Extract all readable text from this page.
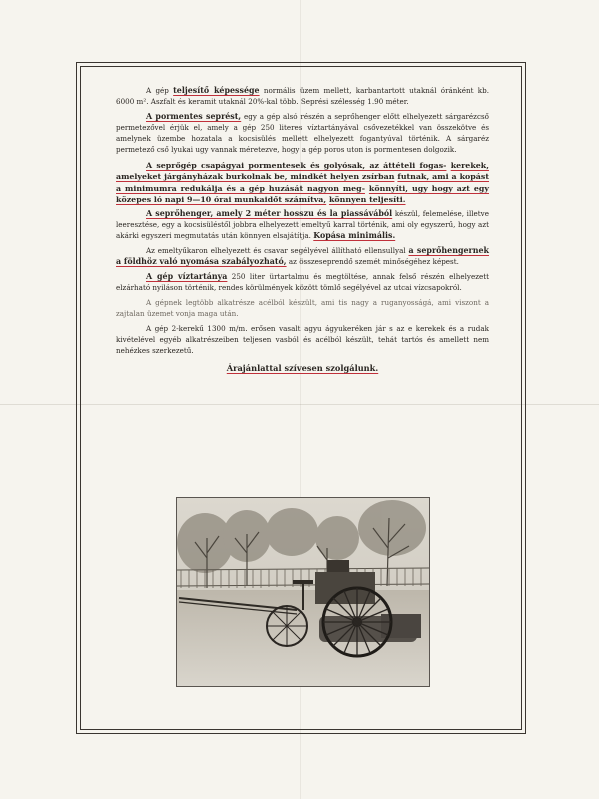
A gép teljesítő képessége normális üzem mellett, karbantartott utaknál óránként kb. 6000 m². Aszfalt és keramit utaknál 20%-kal több. Seprési szélesség 1.90 méter.

A pormentes seprést, egy a gép alsó részén a seprőhenger előtt elhelyezett sárgarézcső permetezővel érjük el, amely a gép 250 literes víztartányával csővezetékkel van összekötve és amelynek üzembe hozatala a kocsisülés mellett elhelyezett fogantyúval történik. A sárgaréz permetező cső lyukai ugy vannak méretezve, hogy a gép poros uton is pormentesen dolgozik.

A seprőgép csapágyai pormentesek és golyósak, az áttételi fogas- kerekek, amelyeket járgányházak burkolnak be, mindkét helyen zsírban futnak, ami a kopást a minimumra redukálja és a gép huzását nagyon meg- könnyíti, ugy hogy azt egy közepes ló napi 9—10 órai munkaidőt számítva, könnyen teljesíti.

A seprőhenger, amely 2 méter hosszu és la piassávából készül, felemelése, illetve leeresztése, egy a kocsisüléstől jobbra elhelyezett emeltyű karral történik, ami oly egyszerű, hogy azt akárki egyszeri megmutatás után könnyen elsajátítja. Kopása minimális.

Az emeltyűkaron elhelyezett és csavar segélyével állítható ellensullyal a seprőhengernek a földhöz való nyomása szabályozható, az összeseprendő szemét minőségéhez képest.

A gép víztartánya 250 liter ürtartalmu és megtöltése, annak felső részén elhelyezett elzárható nyiláson történik, rendes körülmények között tömlő segélyével az utcai vízcsapokról.

A gépnek legtöbb alkatrésze acélból készült, ami tis nagy a ruganyosságá, ami viszont a zajtalan üzemet vonja maga után.

A gép 2-kerekű 1300 m/m. erősen vasalt agyu ágyukeréken jár s az e kerekek és a rudak kivételével egyéb alkatrészeiben teljesen vasból és acélból készült, tehát tartós és amellett nem nehézkes szerkezetű.

Árajánlattal szívesen szolgálunk.
